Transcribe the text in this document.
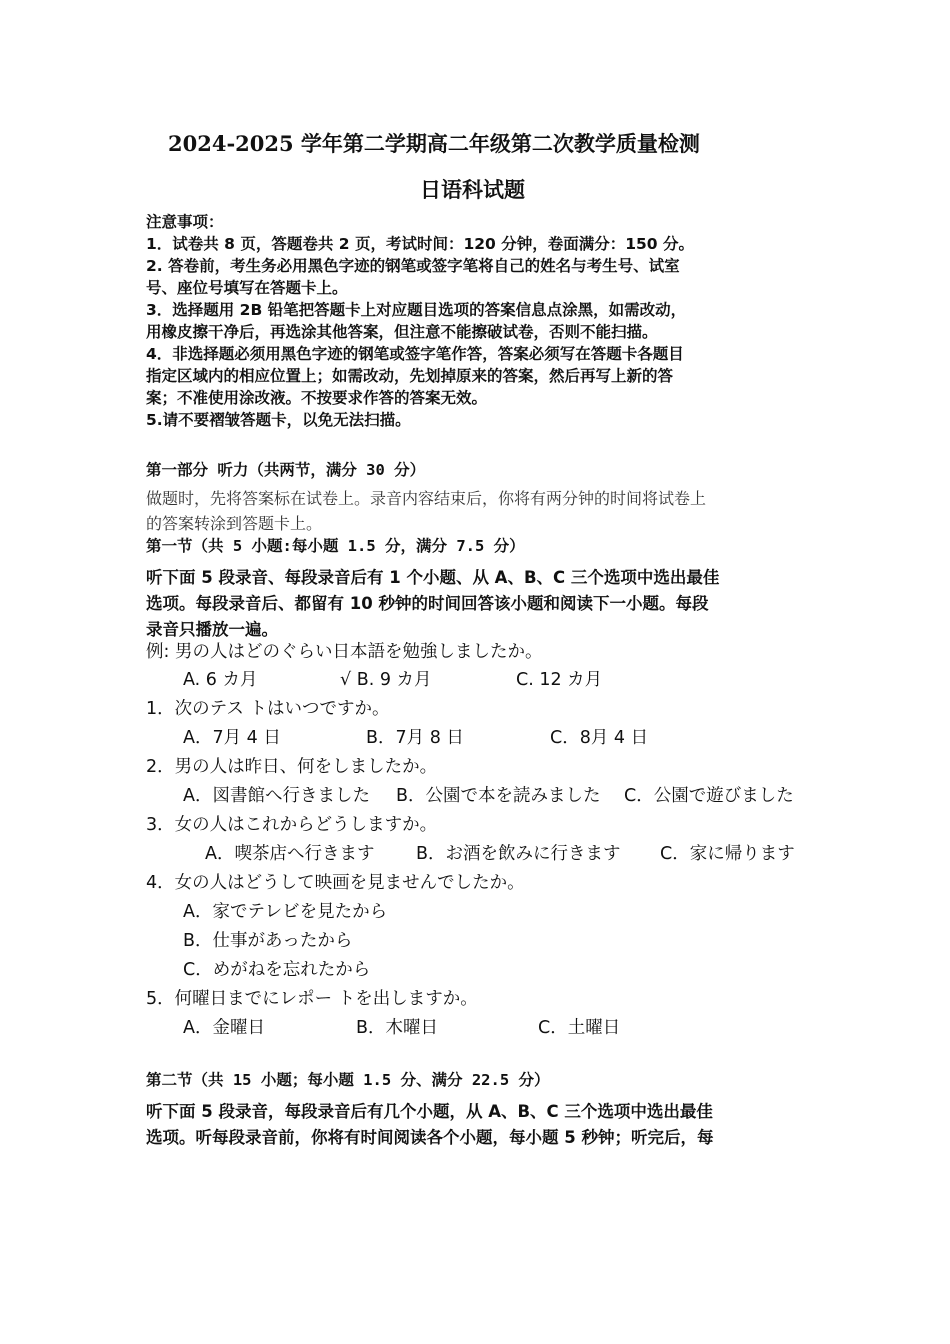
2024-2025 学年第二学期高二年级第二次教学质量检测
日语科试题
注意事项：
1．试卷共 8 页，答题卷共 2 页，考试时间：120 分钟，卷面满分：150 分。
2. 答卷前，考生务必用黑色字迹的钢笔或签字笔将自己的姓名与考生号、试室
号、座位号填写在答题卡上。
3．选择题用 2B 铅笔把答题卡上对应题目选项的答案信息点涂黑，如需改动，
用橡皮擦干净后，再选涂其他答案，但注意不能擦破试卷，否则不能扫描。
4．非选择题必须用黑色字迹的钢笔或签字笔作答，答案必须写在答题卡各题目
指定区域内的相应位置上；如需改动，先划掉原来的答案，然后再写上新的答
案；不准使用涂改液。不按要求作答的答案无效。
5.请不要褶皱答题卡，以免无法扫描。
第一部分 听力（共两节，满分 30 分）
做题时，先将答案标在试卷上。录音内容结束后，你将有两分钟的时间将试卷上
的答案转涂到答题卡上。
第一节（共 5 小题:每小题 1.5 分，满分 7.5 分）
听下面 5 段录音、每段录音后有 1 个小题、从 A、B、C 三个选项中选出最佳
选项。每段录音后、都留有 10 秒钟的时间回答该小题和阅读下一小题。每段
录音只播放一遍。
例: 男の人はどのぐらい日本語を勉強しましたか。
A. 6 カ月	√ B. 9 カ月	C. 12 カ月
1．次のテス トはいつですか。
A．7月 4 日	B．7月 8 日	C．8月 4 日
2．男の人は昨日、何をしましたか。
A．図書館へ行きました B．公園で本を読みました C．公園で遊びました
3．女の人はこれからどうしますか。
A．喫茶店へ行きます B．お酒を飲みに行きます C．家に帰ります
4．女の人はどうして映画を見ませんでしたか。
A．家でテレビを見たから
B．仕事があったから
C．めがねを忘れたから
5．何曜日までにレポー トを出しますか。
A．金曜日	B．木曜日	C．土曜日
第二节（共 15 小题；每小题 1.5 分、满分 22.5 分）
听下面 5 段录音，每段录音后有几个小题，从 A、B、C 三个选项中选出最佳
选项。听每段录音前，你将有时间阅读各个小题，每小题 5 秒钟；听完后，每
